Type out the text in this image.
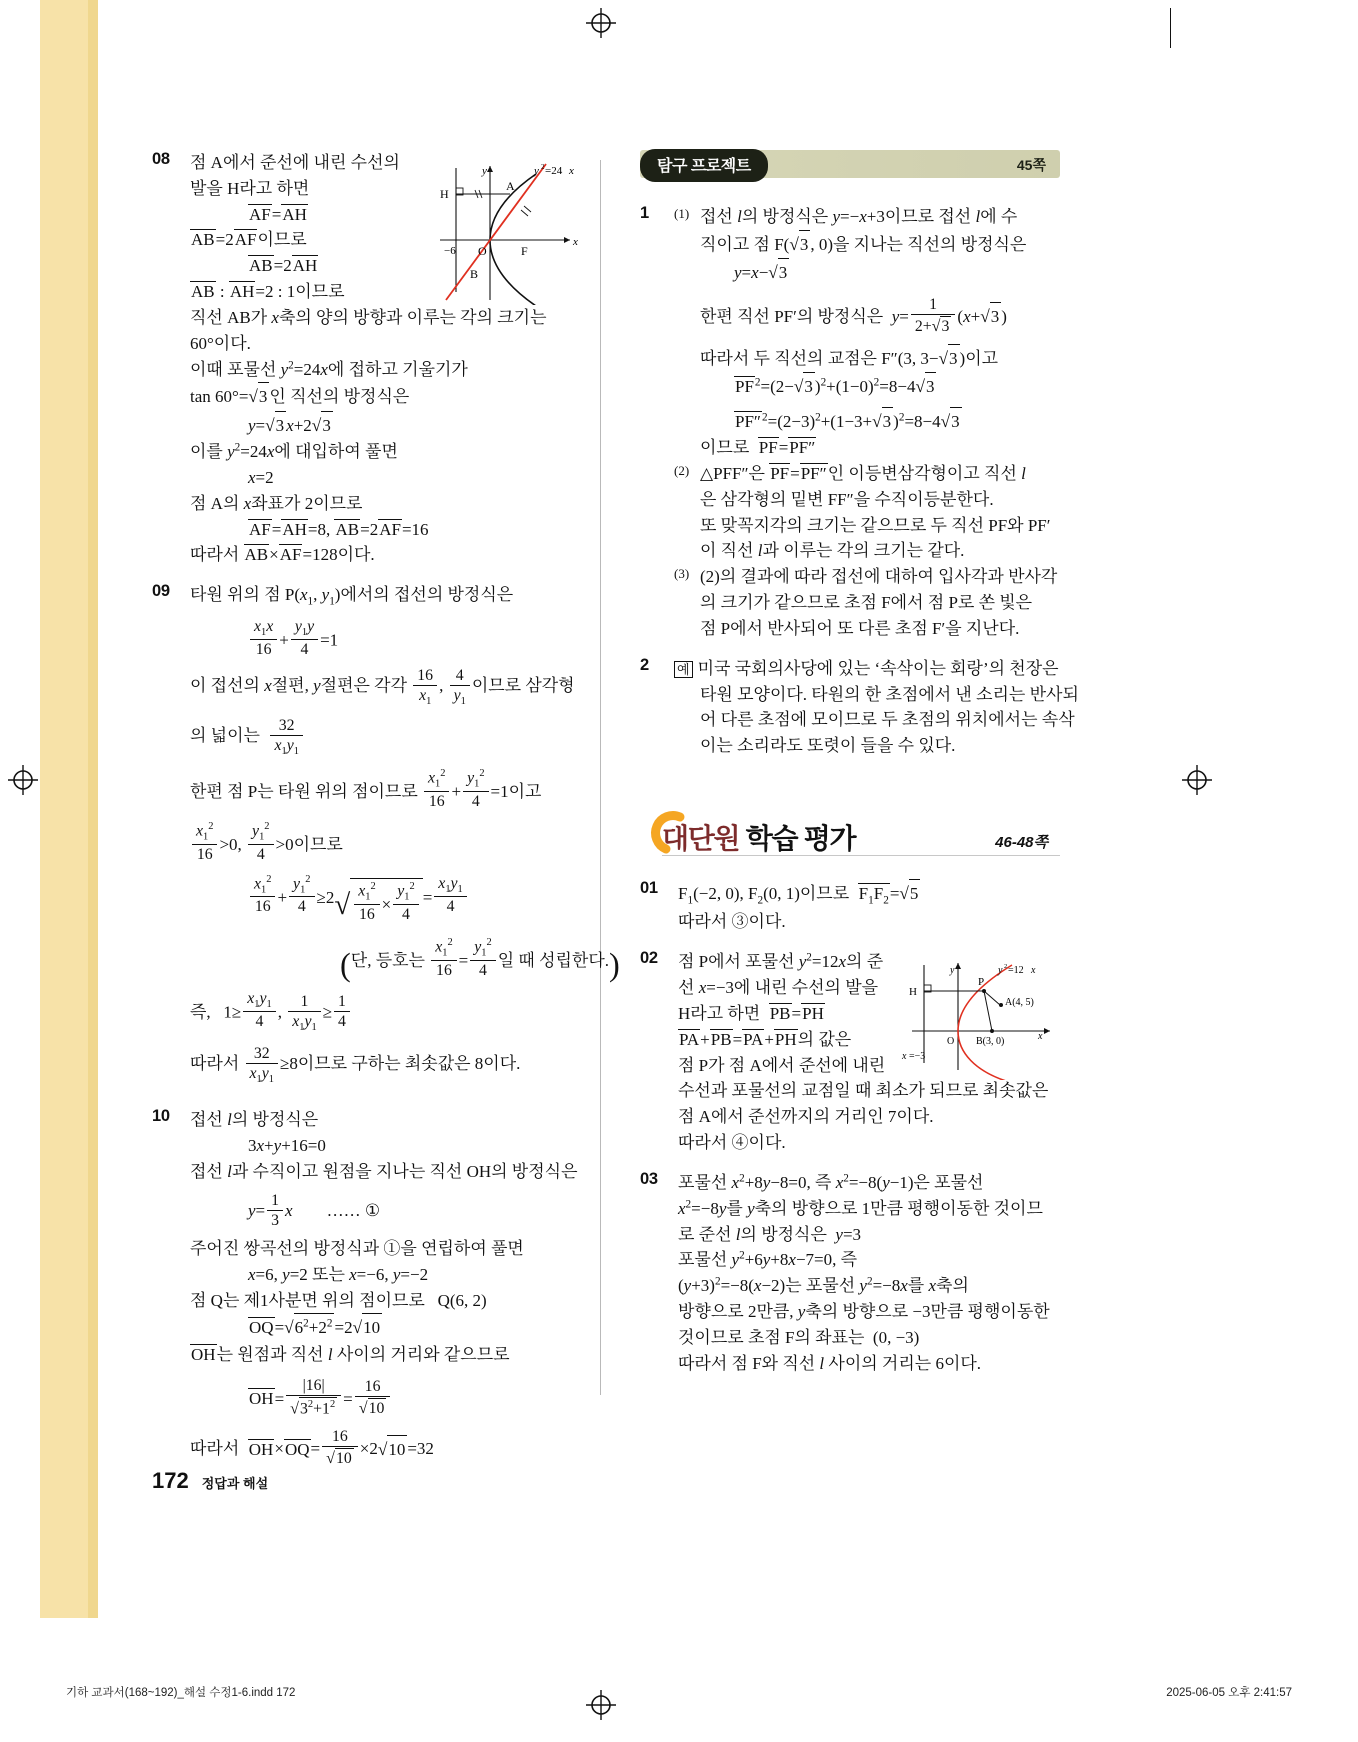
08	점 A에서 준선에 내린 수선의
발을 H라고 하면
AF=AH
AB=2AF이므로
AB=2AH
AB : AH=2 : 1이므로
직선 AB가 x축의 양의 방향과 이루는 각의 크기는
60°이다.
이때 포물선 $y^2=24x$에 접하고 기울기가
tan 60°=√3 인 직선의 방정식은
y=√3 x+2√3
이를 $y^2=24x$에 대입하여 풀면
x=2
점 A의 x좌표가 2이므로
AF=AH=8, AB=2AF=16
따라서 AB×AF=128이다.
09	타원 위의 점 $P(x_1$, $y_1$)에서의 접선의 방정식은
$\frac{x_1x}{16} + \frac{y_1y}{4} =1$
이 접선의 x절편, y절편은 각각 $\frac{16}{x_1}$ , $\frac{4}{y_1}$ 이므로 삼각형
의 넓이는 $\frac{32}{x_1y_1}$
한편 점 P는 타원 위의 점이므로 $\frac{x_1^2}{16} + \frac{y_1^2}{4} =1$이고
$\frac{x_1^2}{16} >0$, $\frac{y_1^2}{4} >0$이므로
$\frac{x_1^2}{16} + \frac{y_1^2}{4} \ge 2√ \frac{x_1^2}{16} \times \frac{y_1^2}{4} = \frac{x_1y_1}{4}$
(단, 등호는 $\frac{x_1^2}{16} = \frac{y_1^2}{4}$ 일 때 성립한다.)
즉,   $1\ge \frac{x_1y_1}{4}$ , $\frac{1}{x_1y_1} \ge \frac{1}{4}$
따라서 $\frac{32}{x_1y_1} \ge 8$이므로 구하는 최솟값은 8이다.
10	접선 l의 방정식은
3x+y+16=0
접선 l과 수직이고 원점을 지나는 직선 OH의 방정식은
$y= \frac{1}{3}$ x        …… ①
주어진 쌍곡선의 방정식과 ①을 연립하여 풀면
x=6, y=2 또는 x=−6, y=−2
점 Q는 제1사분면 위의 점이므로   Q(6, 2)
$OQ=√6^2+2^2 =2√10$
OH는 원점과 직선 l 사이의 거리와 같으므로
$OH= \frac{|16|}{√3^2+1^2} = \frac{16}{√10}$
따라서  $OH\times OQ= \frac{16}{√10} \times 2√10 =32$
y	y 2 =24 x
A
H
−6 O	F
x
B
탐구 프로젝트	45쪽
1	(1) 접선 l의 방정식은 y=−x+3이므로 접선 l에 수
직이고 점 F(√3 , 0)을 지나는 직선의 방정식은
y=x−√3
한편 직선 PF′의 방정식은  $y= \frac{1}{2+√3} (x+√3$ )
따라서 두 직선의 교점은 F″(3, 3−√3 )이고
$PF^2=(2-√3$ )$^2+(1-0)^2=8-4√3$
$PF''^2=(2-3)^2+(1-3+√3$ )$^2$=8−4√3
이므로  PF=PF″
(2) △PFF″은 PF=PF″인 이등변삼각형이고 직선 l
은 삼각형의 밑변 FF″을 수직이등분한다.
또 맞꼭지각의 크기는 같으므로 두 직선 PF와 PF′
이 직선 l과 이루는 각의 크기는 같다.
(3) (2)의 결과에 따라 접선에 대하여 입사각과 반사각
의 크기가 같으므로 초점 F에서 점 P로 쏜 빛은
점 P에서 반사되어 또 다른 초점 F′을 지난다.
2	예 미국 국회의사당에 있는 ‘속삭이는 회랑’의 천장은
타원 모양이다. 타원의 한 초점에서 낸 소리는 반사되
어 다른 초점에 모이므로 두 초점의 위치에서는 속삭
이는 소리라도 또렷이 들을 수 있다.
대단원 학습 평가	46-48쪽
01	$F_1(-2$, 0), $F_2(0$, 1)이므로  $F_1F_2=√5$
따라서 ③이다.
02	점 P에서 포물선 $y^2=12x$의 준
선 x=−3에 내린 수선의 발을
H라고 하면  PB=PH
PA+PB=PA+PH의 값은
점 P가 점 A에서 준선에 내린
수선과 포물선의 교점일 때 최소가 되므로 최솟값은
점 A에서 준선까지의 거리인 7이다.
따라서 ④이다.
03	포물선 $x^2+8y-8=0$, 즉 $x^2=-8(y-1)$은 포물선
$x^2=-8y$를 y축의 방향으로 1만큼 평행이동한 것이므
로 준선 l의 방정식은  y=3
포물선 $y^2+6y+8x-7=0$, 즉
$(y+3)^2=-8(x-2)$는 포물선 $y^2=-8x$를 x축의
방향으로 2만큼, y축의 방향으로 −3만큼 평행이동한
것이므로 초점 F의 좌표는  (0, −3)
따라서 점 F와 직선 l 사이의 거리는 6이다.
y
P
y 2 =12 x
H
A(4, 5)
O B(3, 0)	x
x =−3
172 정답과 해설
기하 교과서(168~192)_해설 수정1-6.indd 172	2025-06-05 오후 2:41:57
